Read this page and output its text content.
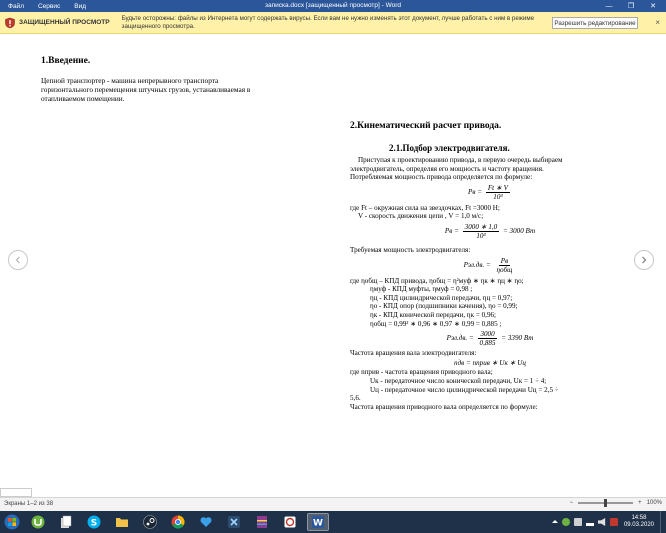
Файл Сервис Вид	записка.docx [защищенный просмотр] - Word	—	❐	✕
ЗАЩИЩЕННЫЙ ПРОСМОТР
Будьте осторожны: файлы из Интернета могут содержать вирусы. Если вам не нужно изменять этот документ, лучше работать с ним в режиме защищенного просмотра.	Разрешить редактирование ×
1.Введение.
Цепной транспортер - машина непрерывного транспорта
горизонтального перемещения штучных грузов, устанавливаемая в
отапливаемом помещении.
2.Кинематический расчет привода.
2.1.Подбор электродвигателя.
Приступая к проектированию привода, в первую очередь выбираем
электродвигатель, определяя его мощность и частоту вращения.
Потребляемая мощность привода определяется по формуле:
Pв = $\frac{Ft ∗ V}{\text{10³}}$
где Ft – окружная сила на звездочках, Ft =3000 Н;
V - скорость движения цепи , V = 1,0 м/с;
Pв = $\frac{3000 ∗ 1,0}{\text{10³}} = 3000$ Вт
Требуемая мощность электродвигателя:
Pэл.дв. = $\frac{Pв}{\text{ηобщ}}$
где ηобщ – КПД привода, ηобщ = η²муф ∗ ηк ∗ ηц ∗ ηо;
ηмуф - КПД муфты, ηмуф = 0,98 ;
ηц - КПД цилиндрической передачи, ηц = 0,97;
ηо - КПД опор (подшипники качения), ηо = 0,99;
ηк - КПД конической передачи, ηк = 0,96;
ηобщ = 0,99² ∗ 0,96 ∗ 0,97 ∗ 0,99 = 0,885 ;
Pэл.дв. = $\frac{3000}{0,885} = 3390$ Вт
Частота вращения вала электродвигателя:
nдв = nприв ∗ Uк ∗ Uц
где nприв - частота вращения приводного вала;
Uк - передаточное число конической передачи, Uк = 1 ÷ 4;
Uц - передаточное число цилиндрической передачи Uц = 2,5 ÷
5,6.
Частота вращения приводного вала определяется по формуле:
Экраны 1–2 из 38	−	+ 100%
S	W
14:58
09.03.2020
